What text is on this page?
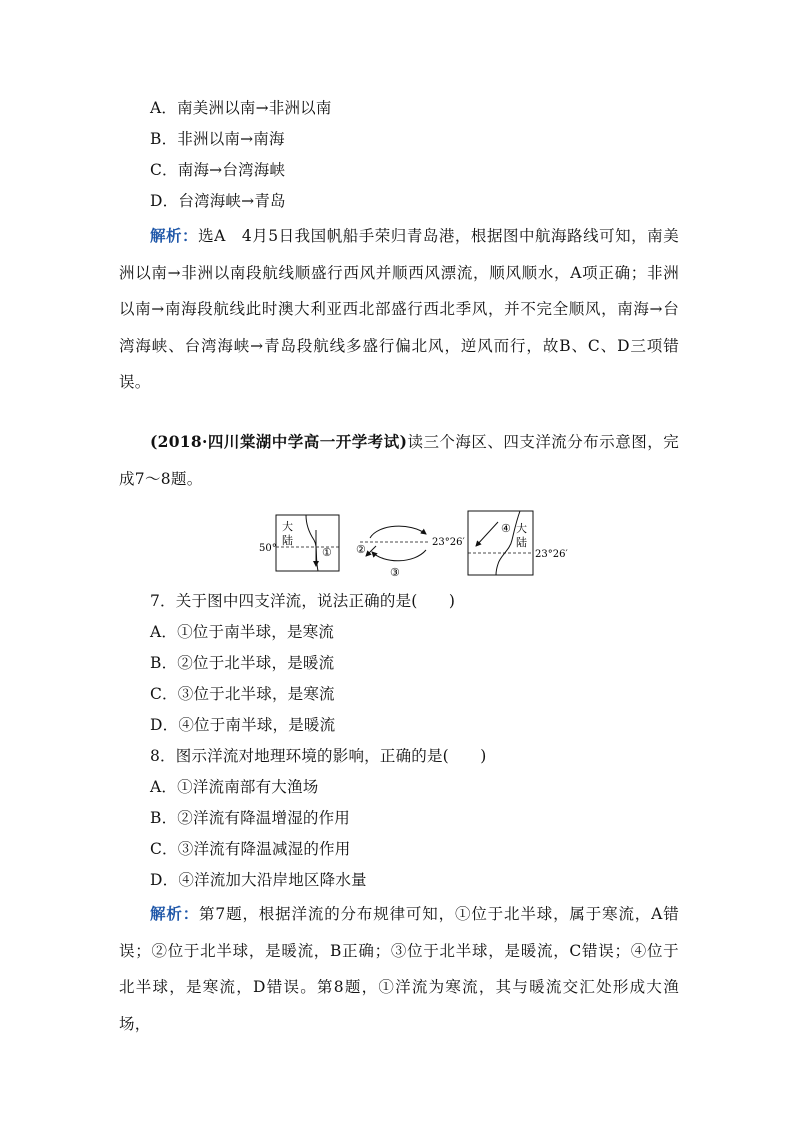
A．南美洲以南→非洲以南
B．非洲以南→南海
C．南海→台湾海峡
D．台湾海峡→青岛
解析：选A　4月5日我国帆船手荣归青岛港，根据图中航海路线可知，南美洲以南→非洲以南段航线顺盛行西风并顺西风漂流，顺风顺水，A项正确；非洲以南→南海段航线此时澳大利亚西北部盛行西北季风，并不完全顺风，南海→台湾海峡、台湾海峡→青岛段航线多盛行偏北风，逆风而行，故B、C、D三项错误。
(2018·四川棠湖中学高一开学考试)读三个海区、四支洋流分布示意图，完成7～8题。
大
陆
50°	① ②
③
23°26′
④ 大
陆
23°26′
7．关于图中四支洋流，说法正确的是(　　)
A．①位于南半球，是寒流
B．②位于北半球，是暖流
C．③位于北半球，是寒流
D．④位于南半球，是暖流
8．图示洋流对地理环境的影响，正确的是(　　)
A．①洋流南部有大渔场
B．②洋流有降温增湿的作用
C．③洋流有降温减湿的作用
D．④洋流加大沿岸地区降水量
解析：第7题，根据洋流的分布规律可知，①位于北半球，属于寒流，A错误；②位于北半球，是暖流，B正确；③位于北半球，是暖流，C错误；④位于北半球，是寒流，D错误。第8题，①洋流为寒流，其与暖流交汇处形成大渔场，
